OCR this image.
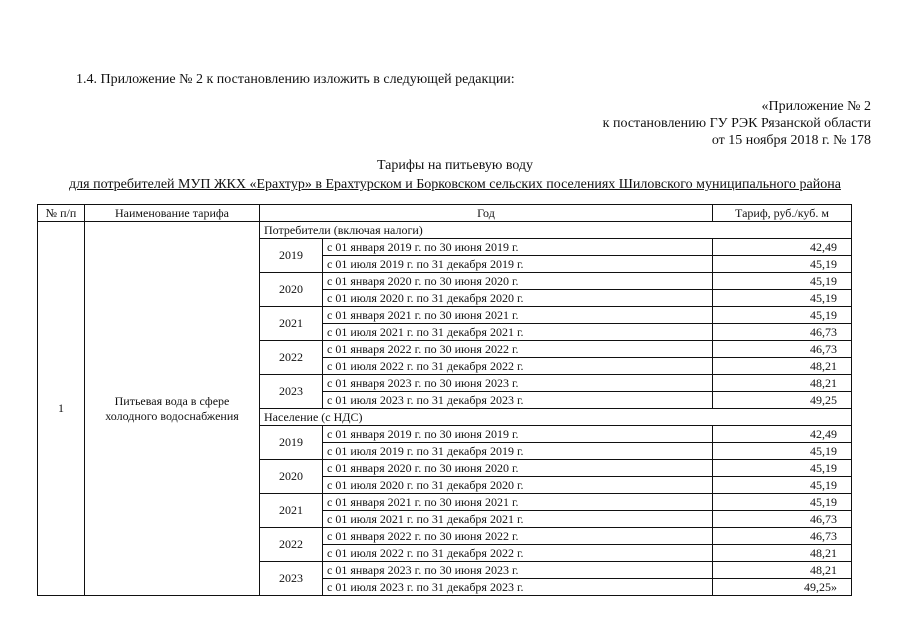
1.4. Приложение № 2 к постановлению изложить в следующей редакции:
«Приложение № 2
к постановлению ГУ РЭК Рязанской области
от 15 ноября 2018 г. № 178
Тарифы на питьевую воду
для потребителей МУП ЖКХ «Ерахтур» в Ерахтурском и Борковском сельских поселениях Шиловского муниципального района
№ п/п	Наименование тарифа	Год		Тариф, руб./куб. м
1	Питьевая вода в сфере холодного водоснабжения	Потребители (включая налоги)		
		2019	с 01 января 2019 г. по 30 июня 2019 г.	42,49
			с 01 июля 2019 г. по 31 декабря 2019 г.	45,19
		2020	с 01 января 2020 г. по 30 июня 2020 г.	45,19
			с 01 июля 2020 г. по 31 декабря 2020 г.	45,19
		2021	с 01 января 2021 г. по 30 июня 2021 г.	45,19
			с 01 июля 2021 г. по 31 декабря 2021 г.	46,73
		2022	с 01 января 2022 г. по 30 июня 2022 г.	46,73
			с 01 июля 2022 г. по 31 декабря 2022 г.	48,21
		2023	с 01 января 2023 г. по 30 июня 2023 г.	48,21
			с 01 июля 2023 г. по 31 декабря 2023 г.	49,25
		Население (с НДС)		
		2019	с 01 января 2019 г. по 30 июня 2019 г.	42,49
			с 01 июля 2019 г. по 31 декабря 2019 г.	45,19
		2020	с 01 января 2020 г. по 30 июня 2020 г.	45,19
			с 01 июля 2020 г. по 31 декабря 2020 г.	45,19
		2021	с 01 января 2021 г. по 30 июня 2021 г.	45,19
			с 01 июля 2021 г. по 31 декабря 2021 г.	46,73
		2022	с 01 января 2022 г. по 30 июня 2022 г.	46,73
			с 01 июля 2022 г. по 31 декабря 2022 г.	48,21
		2023	с 01 января 2023 г. по 30 июня 2023 г.	48,21
			с 01 июля 2023 г. по 31 декабря 2023 г.	49,25»
